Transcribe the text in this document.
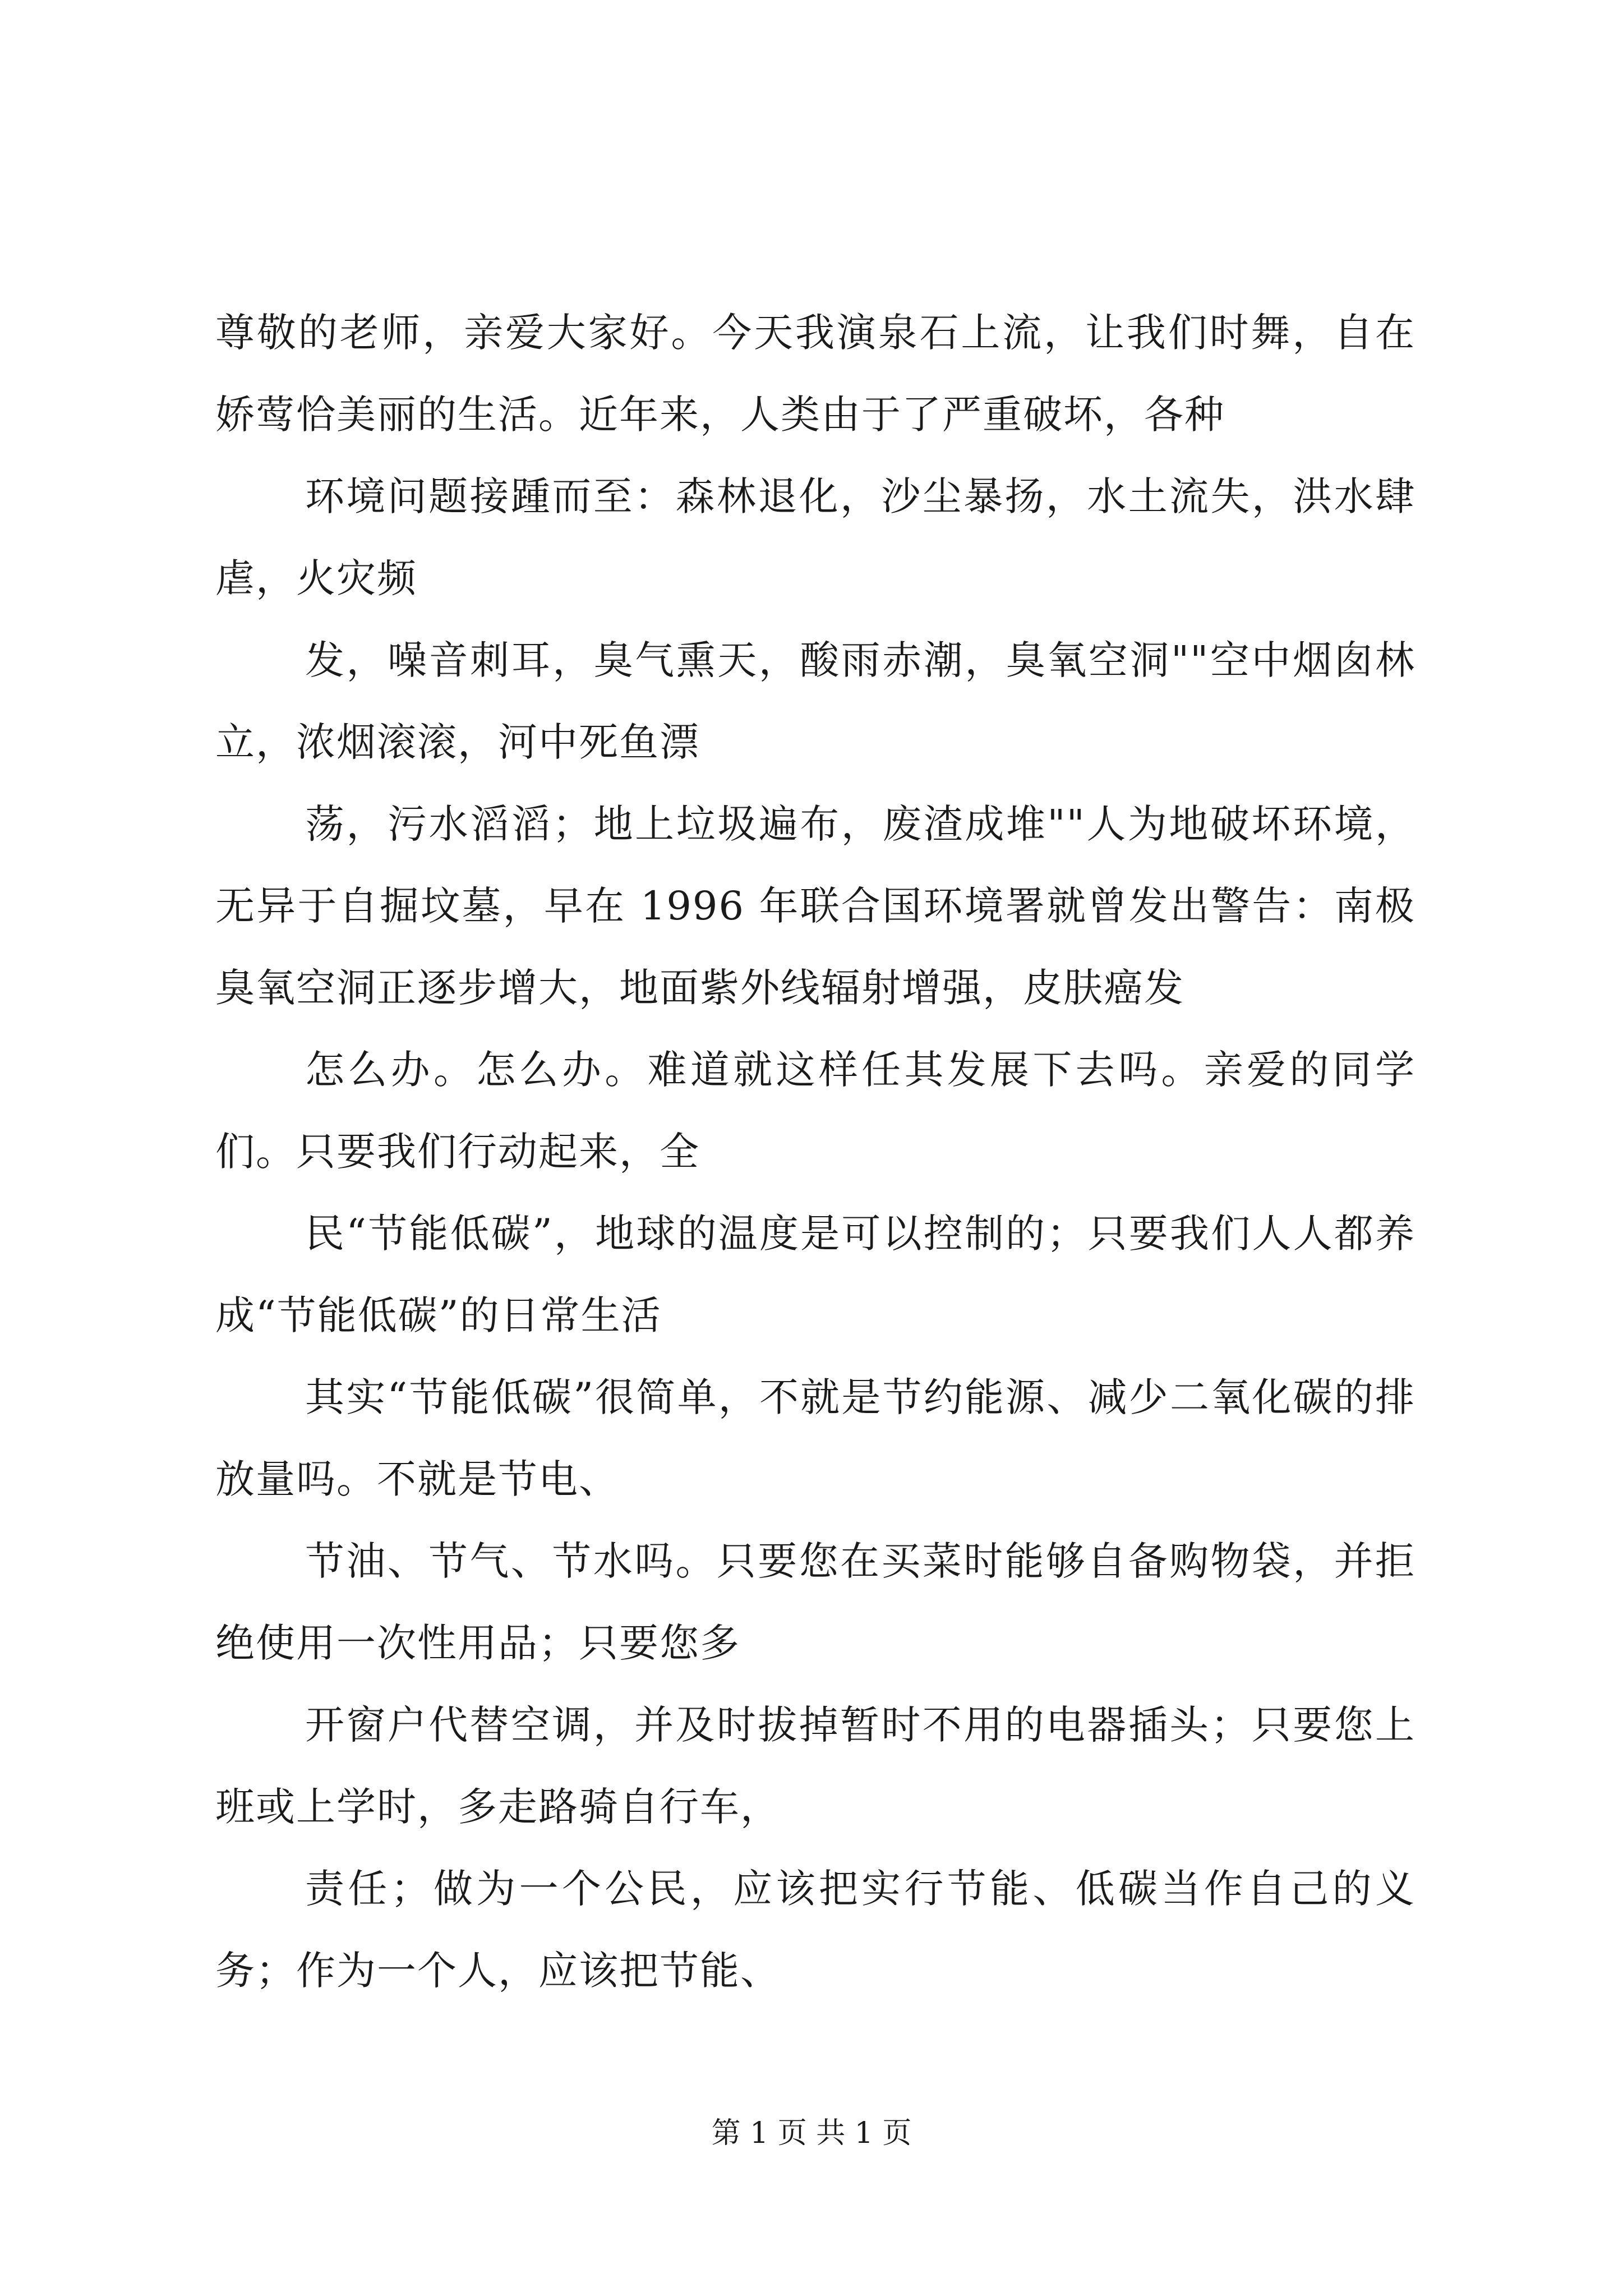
尊敬的老师，亲爱大家好。今天我演泉石上流，让我们时舞，自在娇莺恰美丽的生活。近年来，人类由于了严重破坏，各种

环境问题接踵而至：森林退化，沙尘暴扬，水土流失，洪水肆虐，火灾频

发，噪音刺耳，臭气熏天，酸雨赤潮，臭氧空洞""空中烟囱林立，浓烟滚滚，河中死鱼漂

荡，污水滔滔；地上垃圾遍布，废渣成堆""人为地破坏环境，无异于自掘坟墓，早在 1996 年联合国环境署就曾发出警告：南极臭氧空洞正逐步增大，地面紫外线辐射增强，皮肤癌发

怎么办。怎么办。难道就这样任其发展下去吗。亲爱的同学们。只要我们行动起来，全

民“节能低碳”，地球的温度是可以控制的；只要我们人人都养成“节能低碳”的日常生活

其实“节能低碳”很简单，不就是节约能源、减少二氧化碳的排放量吗。不就是节电、

节油、节气、节水吗。只要您在买菜时能够自备购物袋，并拒绝使用一次性用品；只要您多

开窗户代替空调，并及时拔掉暂时不用的电器插头；只要您上班或上学时，多走路骑自行车，

责任；做为一个公民，应该把实行节能、低碳当作自己的义务；作为一个人，应该把节能、

第 1 页 共 1 页
